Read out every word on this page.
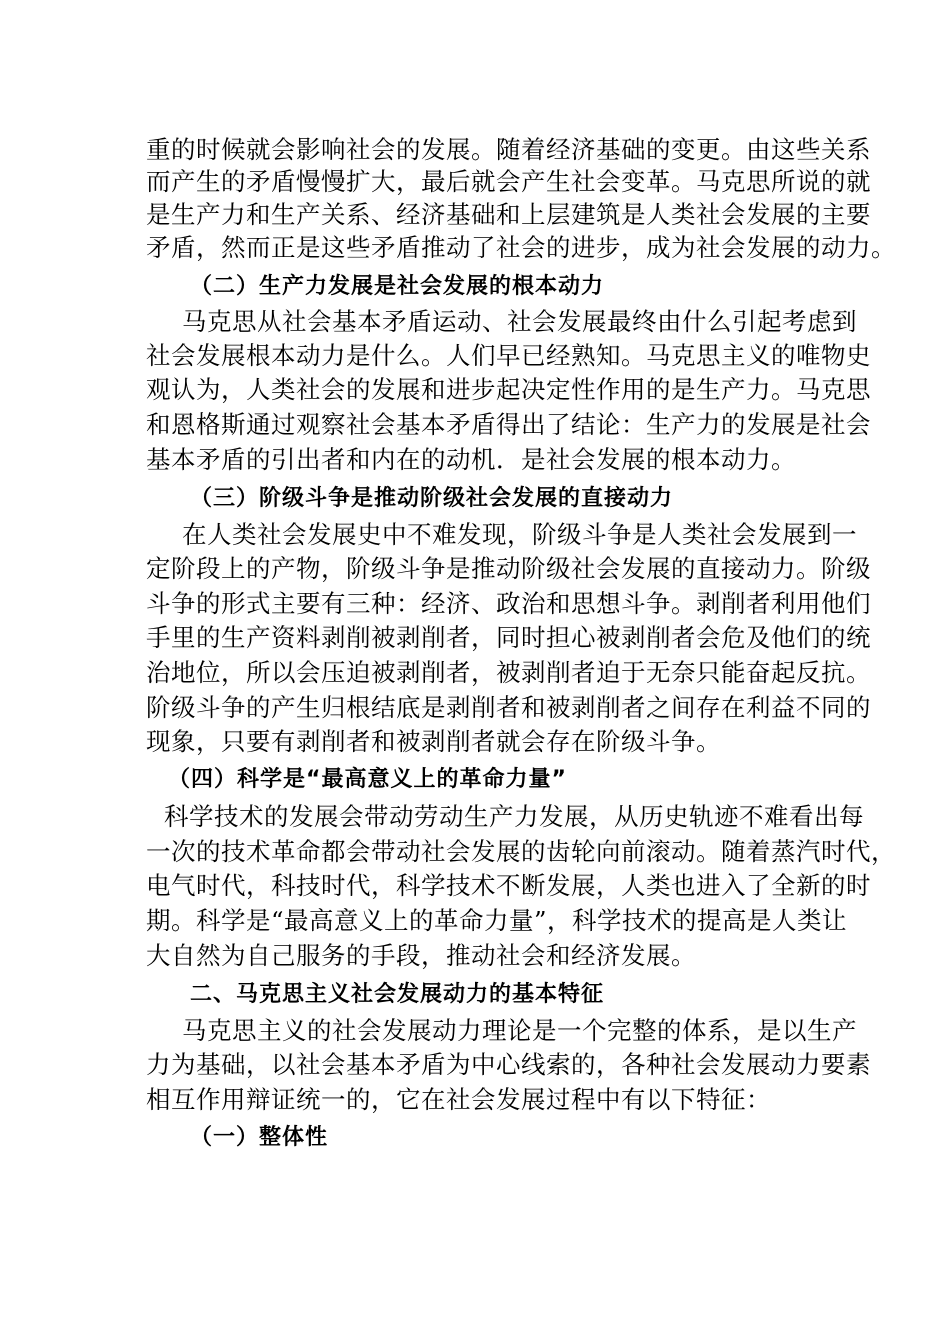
重的时候就会影响社会的发展。随着经济基础的变更。由这些关系
而产生的矛盾慢慢扩大，最后就会产生社会变革。马克思所说的就
是生产力和生产关系、经济基础和上层建筑是人类社会发展的主要
矛盾，然而正是这些矛盾推动了社会的进步，成为社会发展的动力。
（二）生产力发展是社会发展的根本动力
马克思从社会基本矛盾运动、社会发展最终由什么引起考虑到
社会发展根本动力是什么。人们早已经熟知。马克思主义的唯物史
观认为，人类社会的发展和进步起决定性作用的是生产力。马克思
和恩格斯通过观察社会基本矛盾得出了结论：生产力的发展是社会
基本矛盾的引出者和内在的动机．是社会发展的根本动力。
（三）阶级斗争是推动阶级社会发展的直接动力
在人类社会发展史中不难发现，阶级斗争是人类社会发展到一
定阶段上的产物，阶级斗争是推动阶级社会发展的直接动力。阶级
斗争的形式主要有三种：经济、政治和思想斗争。剥削者利用他们
手里的生产资料剥削被剥削者，同时担心被剥削者会危及他们的统
治地位，所以会压迫被剥削者，被剥削者迫于无奈只能奋起反抗。
阶级斗争的产生归根结底是剥削者和被剥削者之间存在利益不同的
现象，只要有剥削者和被剥削者就会存在阶级斗争。
（四）科学是“最高意义上的革命力量”
科学技术的发展会带动劳动生产力发展，从历史轨迹不难看出每
一次的技术革命都会带动社会发展的齿轮向前滚动。随着蒸汽时代，
电气时代，科技时代，科学技术不断发展，人类也进入了全新的时
期。科学是“最高意义上的革命力量”，科学技术的提高是人类让
大自然为自己服务的手段，推动社会和经济发展。
二、马克思主义社会发展动力的基本特征
马克思主义的社会发展动力理论是一个完整的体系，是以生产
力为基础，以社会基本矛盾为中心线索的，各种社会发展动力要素
相互作用辩证统一的，它在社会发展过程中有以下特征：
（一）整体性
